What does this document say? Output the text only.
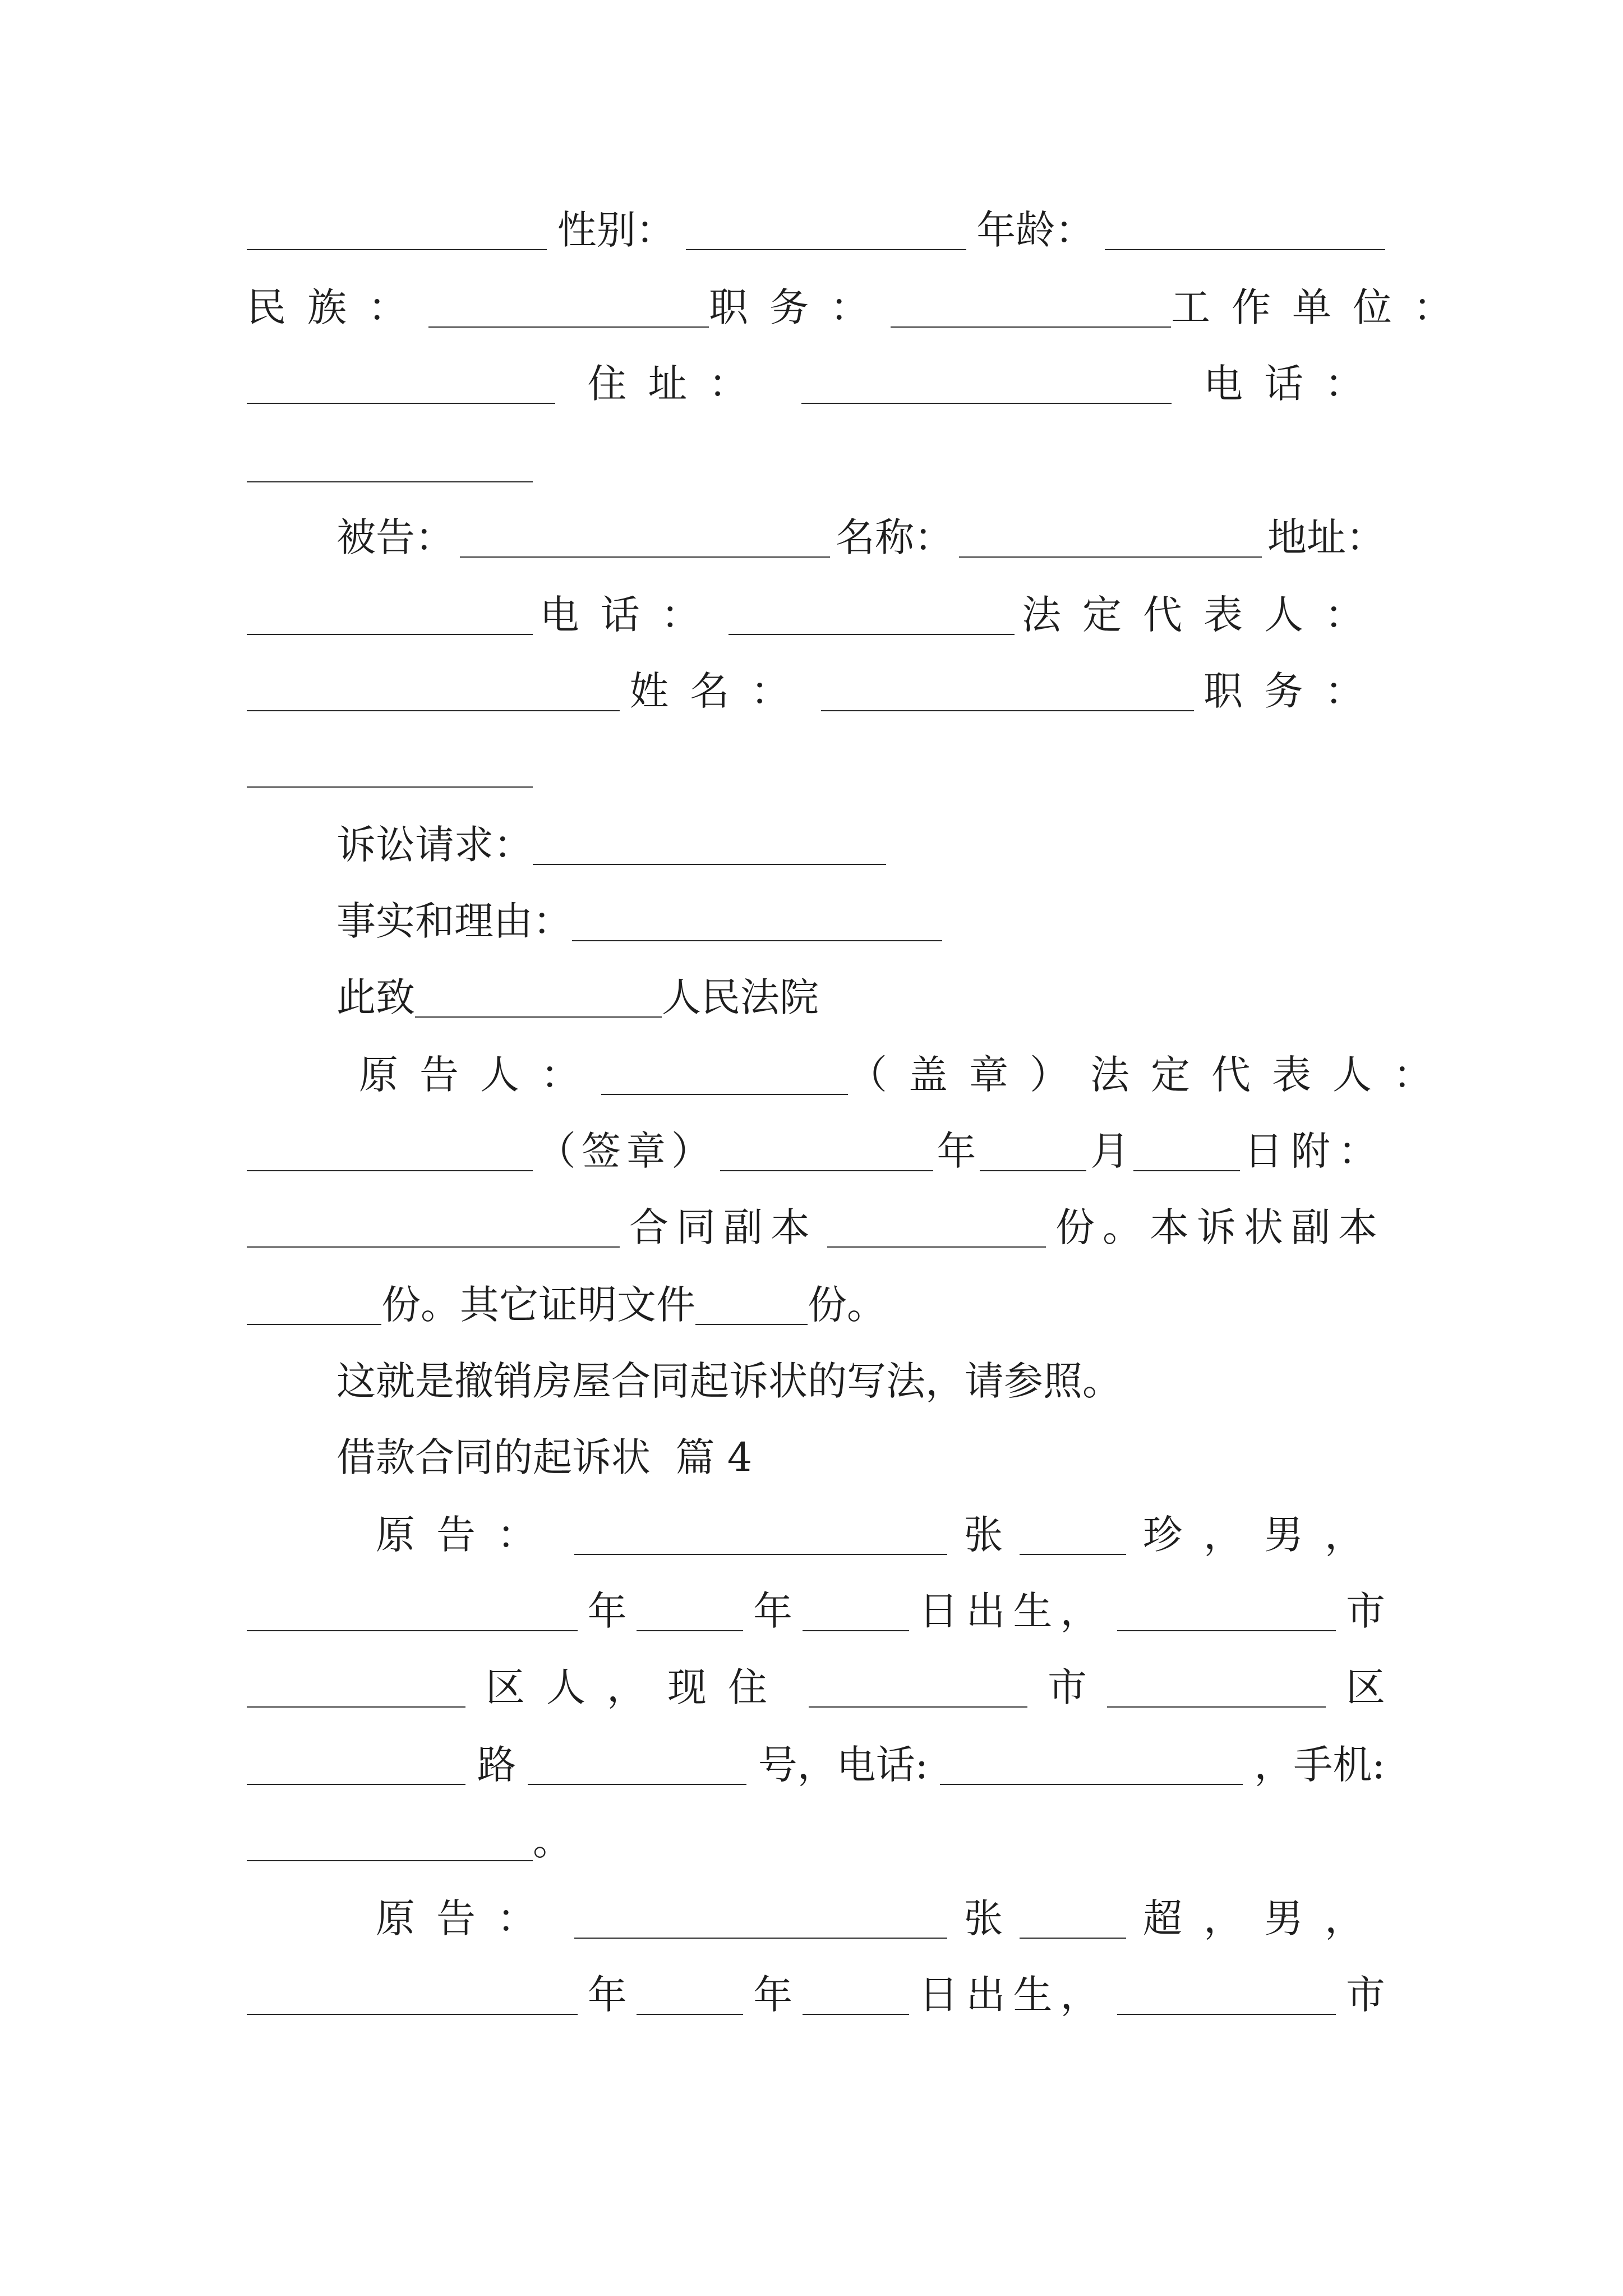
性别：	年龄：
民族：	职务：	工作单位：
住址：	电话：
被告：	名称：	地址：
电话：	法定代表人：
姓名：	职务：
诉讼请求：
事实和理由：
此致	人民法院
原告人：	（盖章）法定代表人：
（签章）	年	月	日附：
合同副本	份。本诉状副本
份。其它证明文件	份。
这就是撤销房屋合同起诉状的写法，请参照。
借款合同的起诉状  篇 4
原告：	张	珍，男，
年	年	日出生，	市
区人，现住	市	区
路	号，电话:	，手机:
。
原告：	张	超，男，
年	年	日出生，	市
